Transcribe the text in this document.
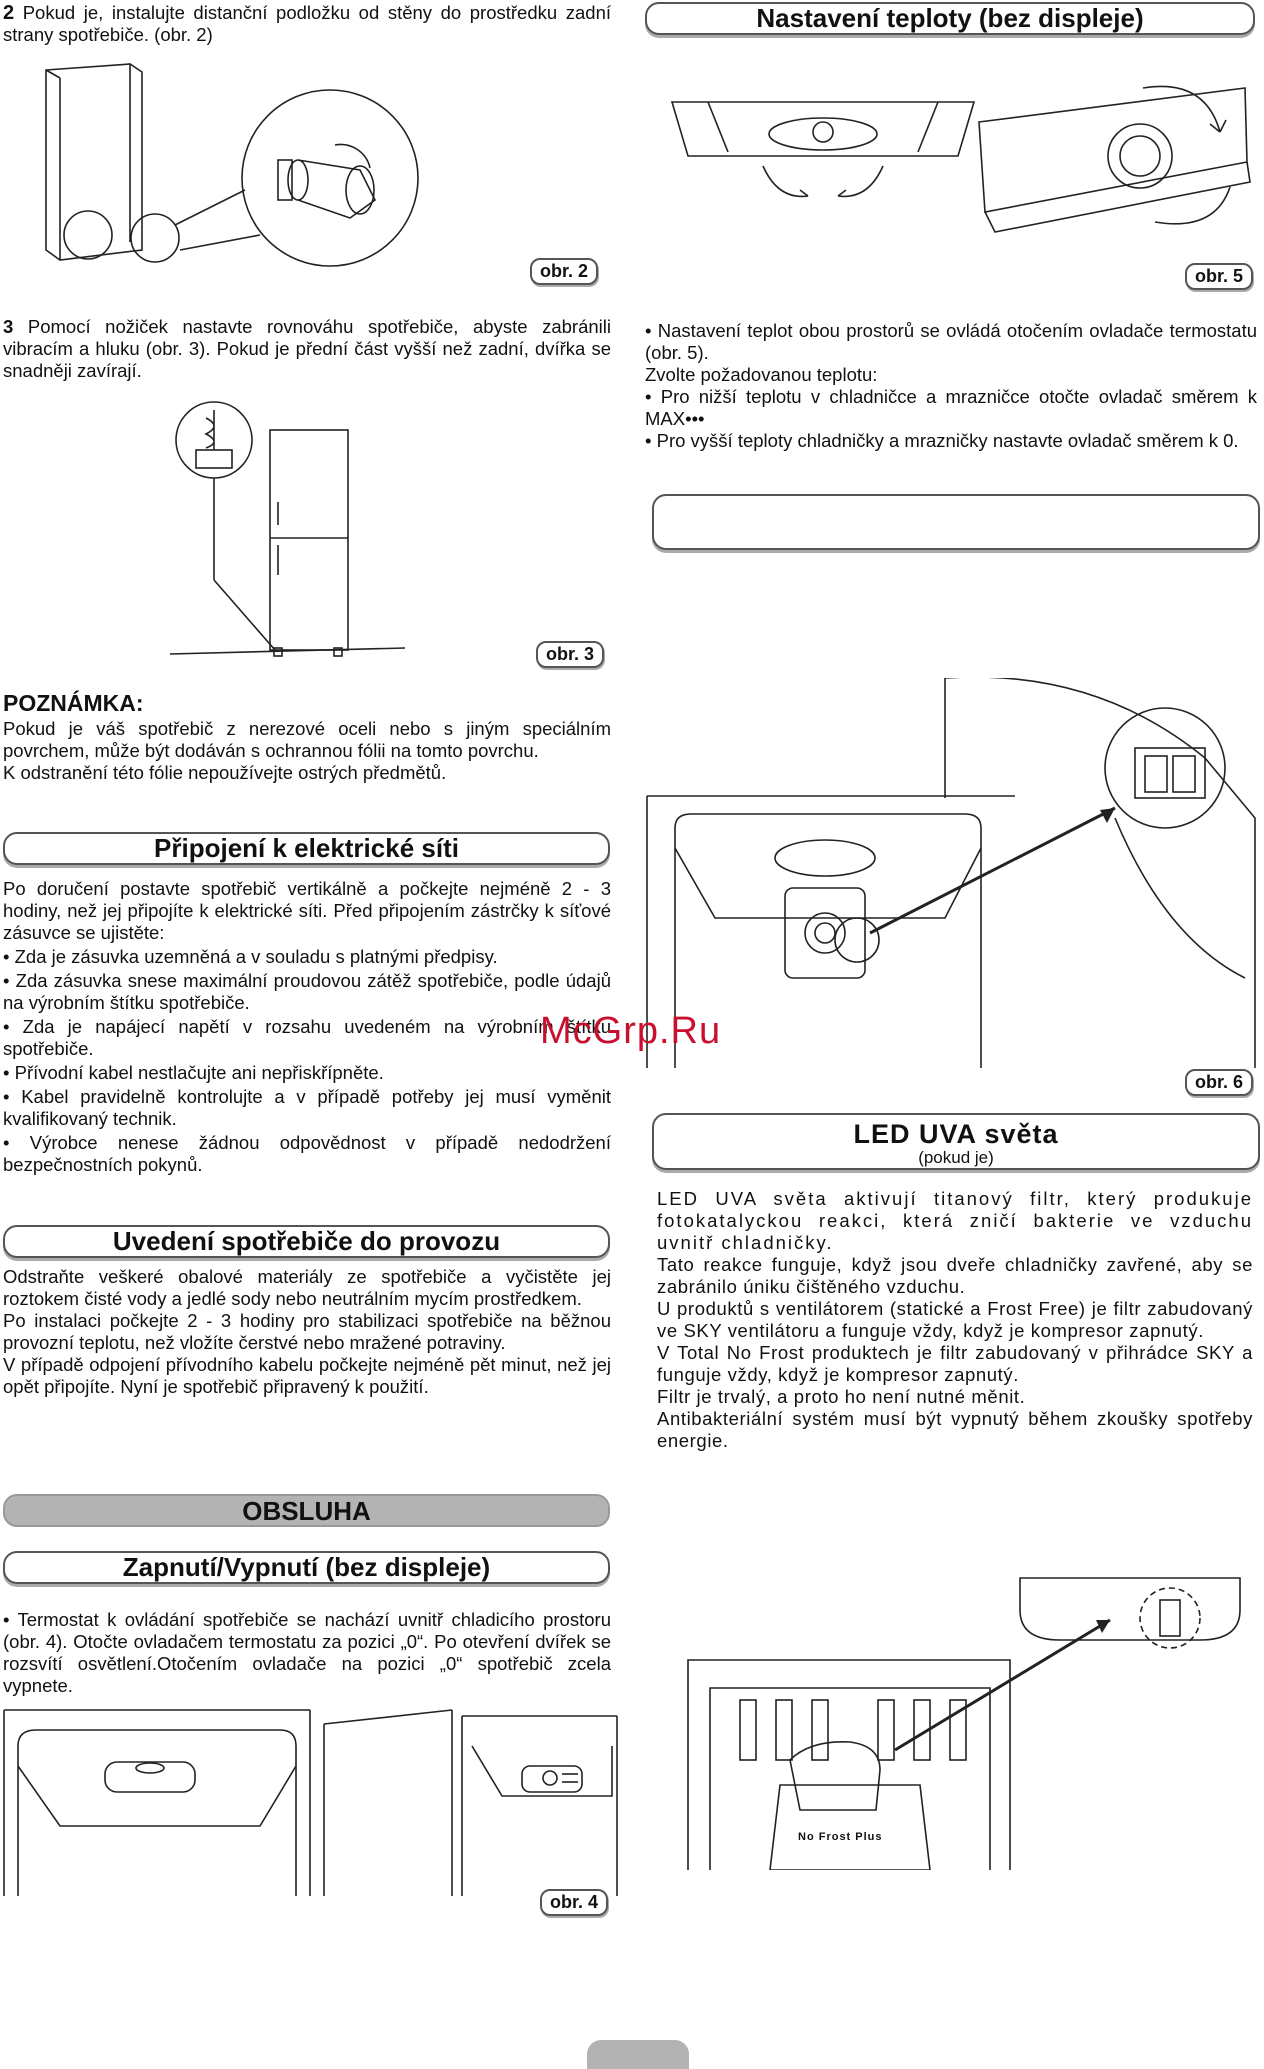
2 Pokud je, instalujte distanční podložku od stěny do prostředku zadní strany spotřebiče. (obr. 2)
obr. 2
3 Pomocí nožiček nastavte rovnováhu spotřebiče, abyste zabránili vibracím a hluku (obr. 3). Pokud je přední část vyšší než zadní, dvířka se snadněji zavírají.
obr. 3
POZNÁMKA:

Pokud je váš spotřebič z nerezové oceli nebo s jiným speciálním povrchem, může být dodáván s ochrannou fólii na tomto povrchu.

K odstranění této fólie nepoužívejte ostrých předmětů.

Připojení k elektrické síti

Po doručení postavte spotřebič vertikálně a počkejte nejméně 2 - 3 hodiny, než jej připojíte k elektrické síti. Před připojením zástrčky k síťové zásuvce se ujistěte:

• Zda je zásuvka uzemněná a v souladu s platnými předpisy.

• Zda zásuvka snese maximální proudovou zátěž spotřebiče, podle údajů na výrobním štítku spotřebiče.

• Zda je napájecí napětí v rozsahu uvedeném na výrobním štítku spotřebiče.

• Přívodní kabel nestlačujte ani nepřiskřípněte.

• Kabel pravidelně kontrolujte a v případě potřeby jej musí vyměnit kvalifikovaný technik.

• Výrobce nenese žádnou odpovědnost v případě nedodržení bezpečnostních pokynů.

Uvedení spotřebiče do provozu

Odstraňte veškeré obalové materiály ze spotřebiče a vyčistěte jej roztokem čisté vody a jedlé sody nebo neutrálním mycím prostředkem.

Po instalaci počkejte 2 - 3 hodiny pro stabilizaci spotřebiče na běžnou provozní teplotu, než vložíte čerstvé nebo mražené potraviny.

V případě odpojení přívodního kabelu počkejte nejméně pět minut, než jej opět připojíte. Nyní je spotřebič připravený k použití.

OBSLUHA
Zapnutí/Vypnutí (bez displeje)

• Termostat k ovládání spotřebiče se nachází uvnitř chladicího prostoru (obr. 4). Otočte ovladačem termostatu za pozici „0“. Po otevření dvířek se rozsvítí osvětlení.Otočením ovladače na pozici „0“ spotřebič zcela vypnete.

obr. 4
Nastavení teploty (bez displeje)
obr. 5

• Nastavení teplot obou prostorů se ovládá otočením ovladače termostatu (obr. 5).

Zvolte požadovanou teplotu:

• Pro nižší teplotu v chladničce a mrazničce otočte ovladač směrem k MAX•••

• Pro vyšší teploty chladničky a mrazničky nastavte ovladač směrem k 0.

obr. 6
LED UVA světa
(pokud je)

LED UVA světa aktivují titanový filtr, který produkuje fotokatalyckou reakci, která zničí bakterie ve vzduchu uvnitř chladničky.

Tato reakce funguje, když jsou dveře chladničky zavřené, aby se zabránilo úniku čištěného vzduchu.

U produktů s ventilátorem (statické a Frost Free) je filtr zabudovaný ve SKY ventilátoru a funguje vždy, když je kompresor zapnutý.

V Total No Frost produktech je filtr zabudovaný v přihrádce SKY a funguje vždy, když je kompresor zapnutý.

Filtr je trvalý, a proto ho není nutné měnit.

Antibakteriální systém musí být vypnutý během zkoušky spotřeby energie.

No Frost Plus
McGrp.Ru
